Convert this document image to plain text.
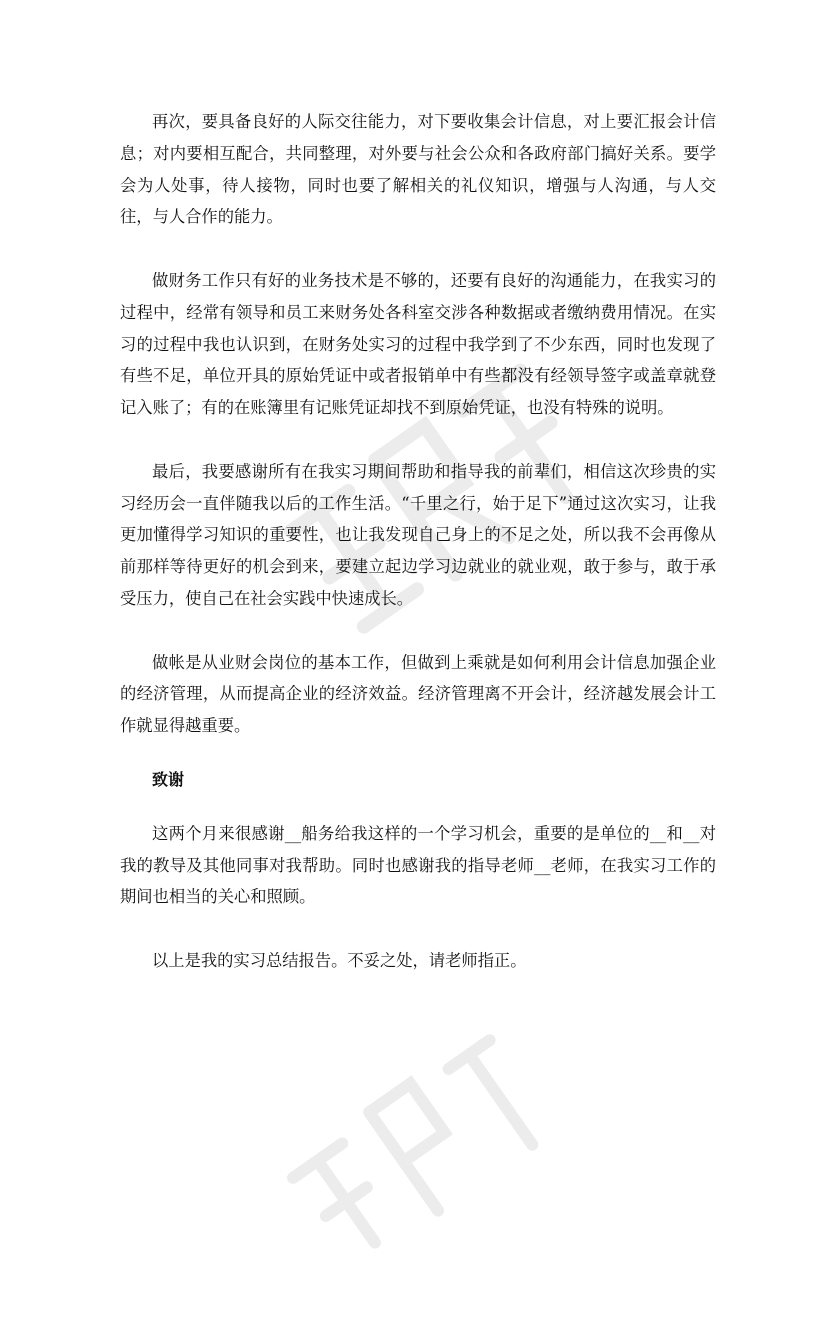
再次，要具备良好的人际交往能力，对下要收集会计信息，对上要汇报会计信息；对内要相互配合，共同整理，对外要与社会公众和各政府部门搞好关系。要学会为人处事，待人接物，同时也要了解相关的礼仪知识，增强与人沟通，与人交往，与人合作的能力。

做财务工作只有好的业务技术是不够的，还要有良好的沟通能力，在我实习的过程中，经常有领导和员工来财务处各科室交涉各种数据或者缴纳费用情况。在实习的过程中我也认识到，在财务处实习的过程中我学到了不少东西，同时也发现了有些不足，单位开具的原始凭证中或者报销单中有些都没有经领导签字或盖章就登记入账了；有的在账簿里有记账凭证却找不到原始凭证，也没有特殊的说明。

最后，我要感谢所有在我实习期间帮助和指导我的前辈们，相信这次珍贵的实习经历会一直伴随我以后的工作生活。“千里之行，始于足下”通过这次实习，让我更加懂得学习知识的重要性，也让我发现自己身上的不足之处，所以我不会再像从前那样等待更好的机会到来，要建立起边学习边就业的就业观，敢于参与，敢于承受压力，使自己在社会实践中快速成长。

做帐是从业财会岗位的基本工作，但做到上乘就是如何利用会计信息加强企业的经济管理，从而提高企业的经济效益。经济管理离不开会计，经济越发展会计工作就显得越重要。

致谢

这两个月来很感谢__船务给我这样的一个学习机会，重要的是单位的__和__对我的教导及其他同事对我帮助。同时也感谢我的指导老师__老师，在我实习工作的期间也相当的关心和照顾。

以上是我的实习总结报告。不妥之处，请老师指正。
